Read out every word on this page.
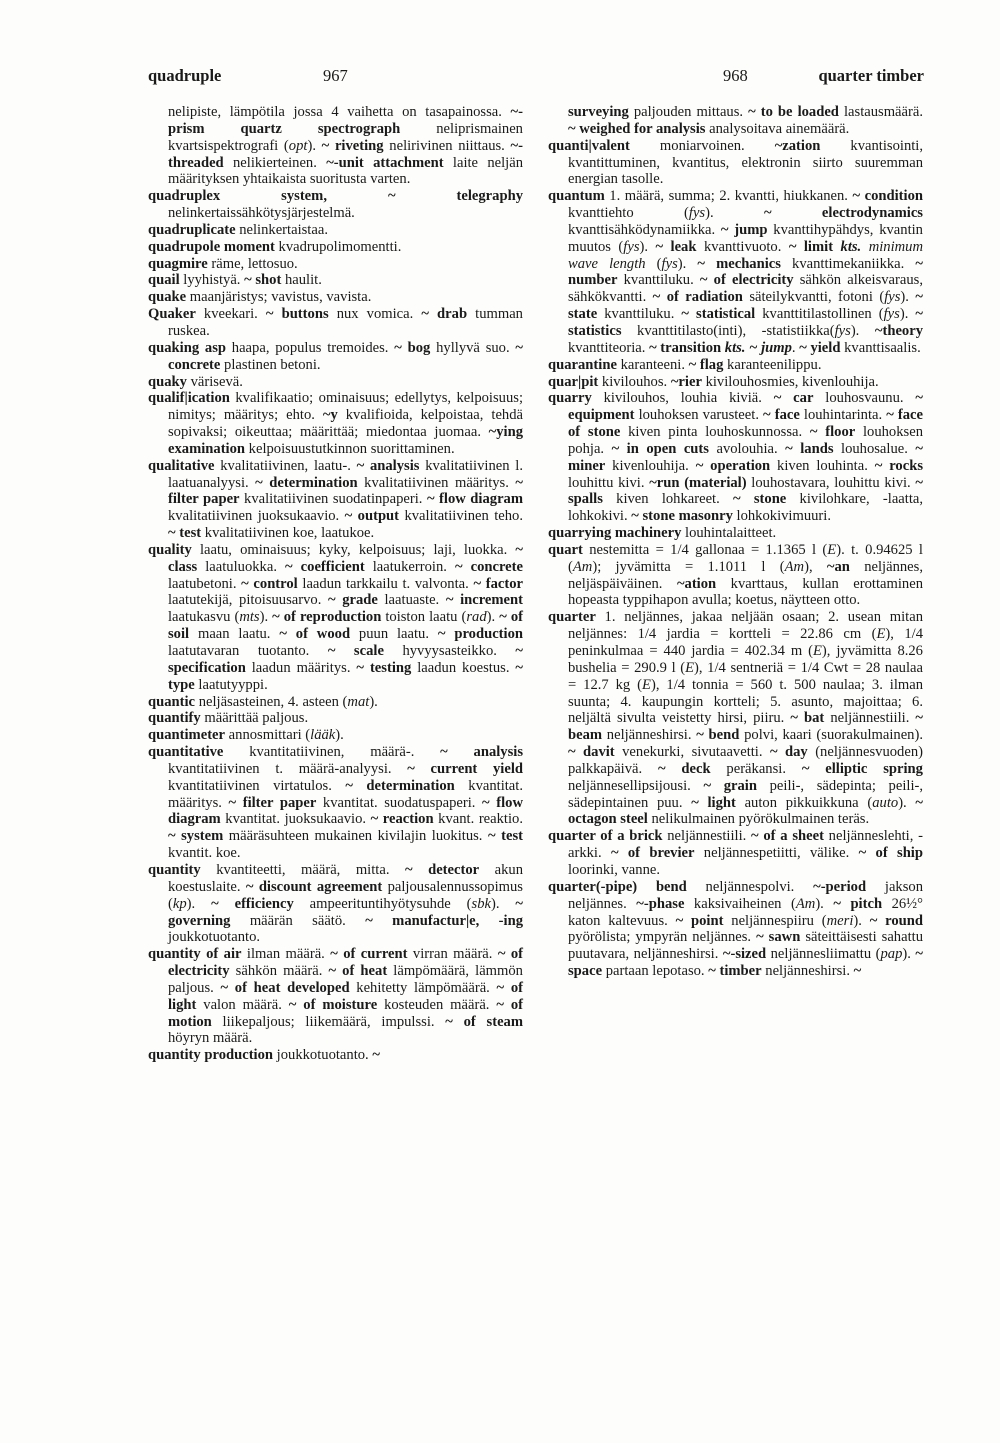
quadruple	967	968	quarter timber

nelipiste, lämpötila jossa 4 vaihetta on tasapainossa. ~-prism quartz spectrograph neliprismainen kvartsispektrografi (opt). ~ riveting nelirivinen niittaus. ~-threaded nelikierteinen. ~-unit attachment laite neljän määrityksen yhtaikaista suoritusta varten.

quadruplex system, ~ telegraphy nelinkertaissähkötysjärjestelmä.

quadruplicate nelinkertaistaa.

quadrupole moment kvadrupolimomentti.

quagmire räme, lettosuo.

quail lyyhistyä. ~ shot haulit.

quake maanjäristys; vavistus, vavista.

Quaker kveekari. ~ buttons nux vomica. ~ drab tumman ruskea.

quaking asp haapa, populus tremoides. ~ bog hyllyvä suo. ~ concrete plastinen betoni.

quaky värisevä.

qualif|ication kvalifikaatio; ominaisuus; edellytys, kelpoisuus; nimitys; määritys; ehto. ~y kvalifioida, kelpoistaa, tehdä sopivaksi; oikeuttaa; määrittää; miedontaa juomaa. ~ying examination kelpoisuustutkinnon suorittaminen.

qualitative kvalitatiivinen, laatu-. ~ analysis kvalitatiivinen l. laatuanalyysi. ~ determination kvalitatiivinen määritys. ~ filter paper kvalitatiivinen suodatinpaperi. ~ flow diagram kvalitatiivinen juoksukaavio. ~ output kvalitatiivinen teho. ~ test kvalitatiivinen koe, laatukoe.

quality laatu, ominaisuus; kyky, kelpoisuus; laji, luokka. ~ class laatuluokka. ~ coefficient laatukerroin. ~ concrete laatubetoni. ~ control laadun tarkkailu t. valvonta. ~ factor laatutekijä, pitoisuusarvo. ~ grade laatuaste. ~ increment laatukasvu (mts). ~ of reproduction toiston laatu (rad). ~ of soil maan laatu. ~ of wood puun laatu. ~ production laatutavaran tuotanto. ~ scale hyvyysasteikko. ~ specification laadun määritys. ~ testing laadun koestus. ~ type laatutyyppi.

quantic neljäsasteinen, 4. asteen (mat).

quantify määrittää paljous.

quantimeter annosmittari (lääk).

quantitative kvantitatiivinen, määrä-. ~ analysis kvantitatiivinen t. määrä-analyysi. ~ current yield kvantitatiivinen virtatulos. ~ determination kvantitat. määritys. ~ filter paper kvantitat. suodatuspaperi. ~ flow diagram kvantitat. juoksukaavio. ~ reaction kvant. reaktio. ~ system määräsuhteen mukainen kivilajin luokitus. ~ test kvantit. koe.

quantity kvantiteetti, määrä, mitta. ~ detector akun koestuslaite. ~ discount agreement paljousalennussopimus (kp). ~ efficiency ampeerituntihyötysuhde (sbk). ~ governing määrän säätö. ~ manufactur|e, -ing joukkotuotanto.

quantity of air ilman määrä. ~ of current virran määrä. ~ of electricity sähkön määrä. ~ of heat lämpömäärä, lämmön paljous. ~ of heat developed kehitetty lämpömäärä. ~ of light valon määrä. ~ of moisture kosteuden määrä. ~ of motion liikepaljous; liikemäärä, impulssi. ~ of steam höyryn määrä.

quantity production joukkotuotanto. ~

surveying paljouden mittaus. ~ to be loaded lastausmäärä. ~ weighed for analysis analysoitava ainemäärä.

quanti|valent moniarvoinen. ~zation kvantisointi, kvantittuminen, kvantitus, elektronin siirto suuremman energian tasolle.

quantum 1. määrä, summa; 2. kvantti, hiukkanen. ~ condition kvanttiehto (fys). ~ electrodynamics kvanttisähködynamiikka. ~ jump kvanttihypähdys, kvantin muutos (fys). ~ leak kvanttivuoto. ~ limit kts. minimum wave length (fys). ~ mechanics kvanttimekaniikka. ~ number kvanttiluku. ~ of electricity sähkön alkeisvaraus, sähkökvantti. ~ of radiation säteilykvantti, fotoni (fys). ~ state kvanttiluku. ~ statistical kvanttitilastollinen (fys). ~ statistics kvanttitilasto(inti), -statistiikka(fys). ~theory kvanttiteoria. ~ transition kts. ~ jump. ~ yield kvanttisaalis.

quarantine karanteeni. ~ flag karanteenilippu.

quar|pit kivilouhos. ~rier kivilouhosmies, kivenlouhija.

quarry kivilouhos, louhia kiviä. ~ car louhosvaunu. ~ equipment louhoksen varusteet. ~ face louhintarinta. ~ face of stone kiven pinta louhoskunnossa. ~ floor louhoksen pohja. ~ in open cuts avolouhia. ~ lands louhosalue. ~ miner kivenlouhija. ~ operation kiven louhinta. ~ rocks louhittu kivi. ~run (material) louhostavara, louhittu kivi. ~ spalls kiven lohkareet. ~ stone kivilohkare, -laatta, lohkokivi. ~ stone masonry lohkokivimuuri.

quarrying machinery louhintalaitteet.

quart nestemitta = 1/4 gallonaa = 1.1365 l (E). t. 0.94625 l (Am); jyvämitta = 1.1011 l (Am), ~an neljännes, neljäspäiväinen. ~ation kvarttaus, kullan erottaminen hopeasta typpihapon avulla; koetus, näytteen otto.

quarter 1. neljännes, jakaa neljään osaan; 2. usean mitan neljännes: 1/4 jardia = kortteli = 22.86 cm (E), 1/4 peninkulmaa = 440 jardia = 402.34 m (E), jyvämitta 8.26 bushelia = 290.9 l (E), 1/4 sentneriä = 1/4 Cwt = 28 naulaa = 12.7 kg (E), 1/4 tonnia = 560 t. 500 naulaa; 3. ilman suunta; 4. kaupungin kortteli; 5. asunto, majoittaa; 6. neljältä sivulta veistetty hirsi, piiru. ~ bat neljännestiili. ~ beam neljänneshirsi. ~ bend polvi, kaari (suorakulmainen). ~ davit venekurki, sivutaavetti. ~ day (neljännesvuoden) palkkapäivä. ~ deck peräkansi. ~ elliptic spring neljännesellipsijousi. ~ grain peili-, sädepinta; peili-, sädepintainen puu. ~ light auton pikkuikkuna (auto). ~ octagon steel nelikulmainen pyörökulmainen teräs.

quarter of a brick neljännestiili. ~ of a sheet neljänneslehti, -arkki. ~ of brevier neljännespetiitti, välike. ~ of ship loorinki, vanne.

quarter(-pipe) bend neljännespolvi. ~-period jakson neljännes. ~-phase kaksivaiheinen (Am). ~ pitch 26½° katon kaltevuus. ~ point neljännespiiru (meri). ~ round pyörölista; ympyrän neljännes. ~ sawn säteittäisesti sahattu puutavara, neljänneshirsi. ~-sized neljännesliimattu (pap). ~ space partaan lepotaso. ~ timber neljänneshirsi. ~
